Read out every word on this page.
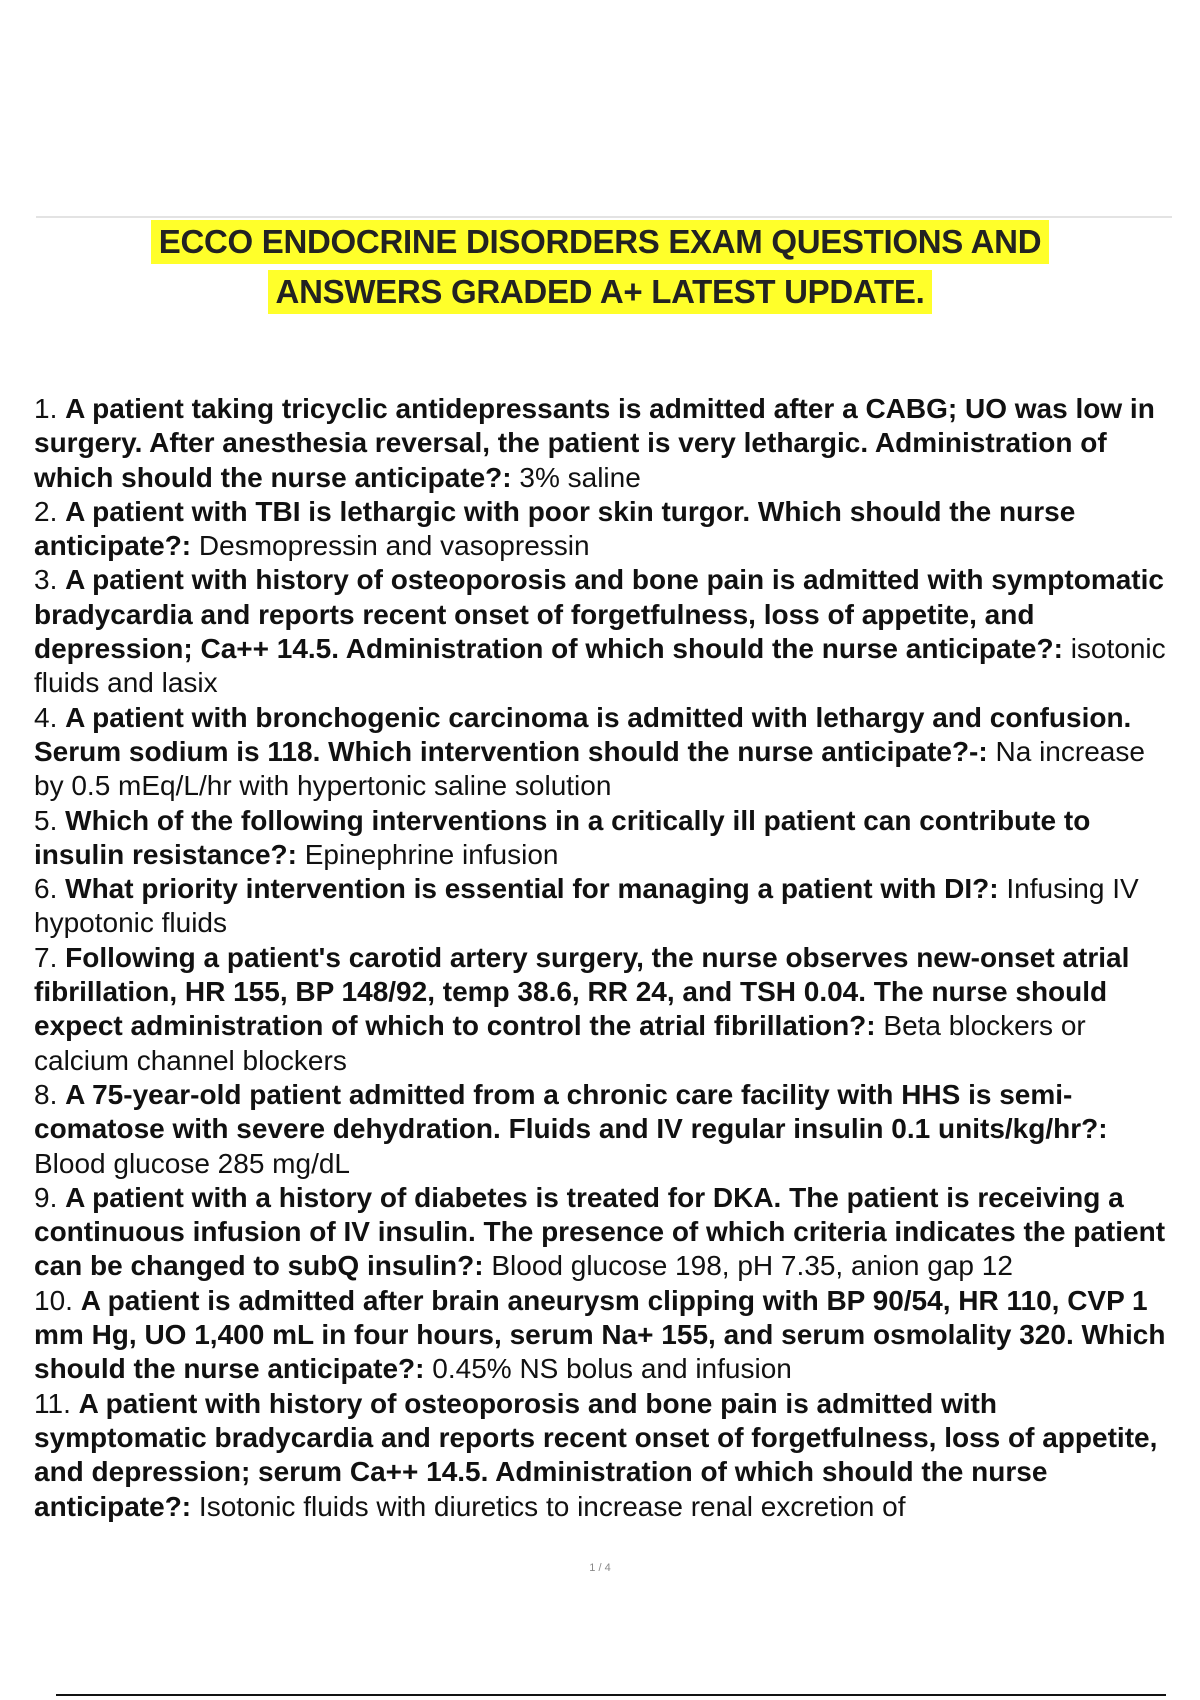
ECCO ENDOCRINE DISORDERS EXAM QUESTIONS AND
ANSWERS GRADED A+ LATEST UPDATE.
1. A patient taking tricyclic antidepressants is admitted after a CABG; UO was low in surgery. After anesthesia reversal, the patient is very lethargic. Administration of which should the nurse anticipate?: 3% saline
2. A patient with TBI is lethargic with poor skin turgor. Which should the nurse anticipate?: Desmopressin and vasopressin
3. A patient with history of osteoporosis and bone pain is admitted with symptomatic bradycardia and reports recent onset of forgetfulness, loss of appetite, and depression; Ca++ 14.5. Administration of which should the nurse anticipate?: isotonic fluids and lasix
4. A patient with bronchogenic carcinoma is admitted with lethargy and confusion. Serum sodium is 118. Which intervention should the nurse anticipate?-: Na increase by 0.5 mEq/L/hr with hypertonic saline solution
5. Which of the following interventions in a critically ill patient can contribute to insulin resistance?: Epinephrine infusion
6. What priority intervention is essential for managing a patient with DI?: Infusing IV hypotonic fluids
7. Following a patient's carotid artery surgery, the nurse observes new-onset atrial fibrillation, HR 155, BP 148/92, temp 38.6, RR 24, and TSH 0.04. The nurse should expect administration of which to control the atrial fibrillation?: Beta blockers or calcium channel blockers
8. A 75-year-old patient admitted from a chronic care facility with HHS is semi-comatose with severe dehydration. Fluids and IV regular insulin 0.1 units/kg/hr?: Blood glucose 285 mg/dL
9. A patient with a history of diabetes is treated for DKA. The patient is receiving a continuous infusion of IV insulin. The presence of which criteria indicates the patient can be changed to subQ insulin?: Blood glucose 198, pH 7.35, anion gap 12
10. A patient is admitted after brain aneurysm clipping with BP 90/54, HR 110, CVP 1 mm Hg, UO 1,400 mL in four hours, serum Na+ 155, and serum osmolality 320. Which should the nurse anticipate?: 0.45% NS bolus and infusion
11. A patient with history of osteoporosis and bone pain is admitted with symptomatic bradycardia and reports recent onset of forgetfulness, loss of appetite, and depression; serum Ca++ 14.5. Administration of which should the nurse anticipate?: Isotonic fluids with diuretics to increase renal excretion of
1 / 4
